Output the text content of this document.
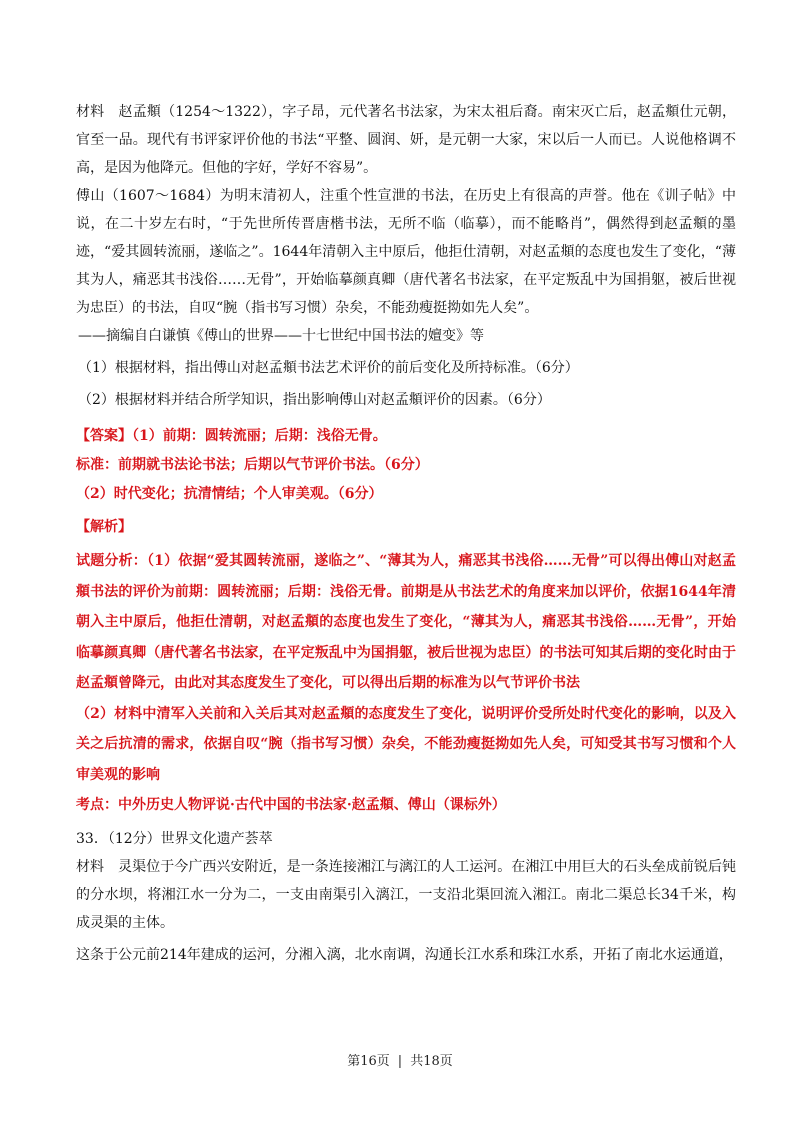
材料　赵孟頫（1254～1322），字子昂，元代著名书法家，为宋太祖后裔。南宋灭亡后，赵孟頫仕元朝，官至一品。现代有书评家评价他的书法“平整、圆润、妍，是元朝一大家，宋以后一人而已。人说他格调不高，是因为他降元。但他的字好，学好不容易”。

傅山（1607～1684）为明末清初人，注重个性宣泄的书法，在历史上有很高的声誉。他在《训子帖》中说，在二十岁左右时，“于先世所传晋唐楷书法，无所不临（临摹），而不能略肖”，偶然得到赵孟頫的墨迹，“爱其圆转流丽，遂临之”。1644年清朝入主中原后，他拒仕清朝，对赵孟頫的态度也发生了变化，“薄其为人，痛恶其书浅俗……无骨”，开始临摹颜真卿（唐代著名书法家，在平定叛乱中为国捐躯，被后世视为忠臣）的书法，自叹“腕（指书写习惯）杂矣，不能劲瘦挺拗如先人矣”。

——摘编自白谦慎《傅山的世界——十七世纪中国书法的嬗变》等

（1）根据材料，指出傅山对赵孟頫书法艺术评价的前后变化及所持标准。（6分）

（2）根据材料并结合所学知识，指出影响傅山对赵孟頫评价的因素。（6分）

【答案】（1）前期：圆转流丽；后期：浅俗无骨。

标准：前期就书法论书法；后期以气节评价书法。（6分）

（2）时代变化；抗清情结；个人审美观。（6分）

【解析】

试题分析：（1）依据“爱其圆转流丽，遂临之”、“薄其为人，痛恶其书浅俗……无骨”可以得出傅山对赵孟頫书法的评价为前期：圆转流丽；后期：浅俗无骨。前期是从书法艺术的角度来加以评价，依据1644年清朝入主中原后，他拒仕清朝，对赵孟頫的态度也发生了变化，“薄其为人，痛恶其书浅俗……无骨”，开始临摹颜真卿（唐代著名书法家，在平定叛乱中为国捐躯，被后世视为忠臣）的书法可知其后期的变化时由于赵孟頫曾降元，由此对其态度发生了变化，可以得出后期的标准为以气节评价书法

（2）材料中清军入关前和入关后其对赵孟頫的态度发生了变化，说明评价受所处时代变化的影响，以及入关之后抗清的需求，依据自叹“腕（指书写习惯）杂矣，不能劲瘦挺拗如先人矣，可知受其书写习惯和个人审美观的影响

考点：中外历史人物评说·古代中国的书法家·赵孟頫、傅山（课标外）

33．（12分）世界文化遗产荟萃

材料　灵渠位于今广西兴安附近，是一条连接湘江与漓江的人工运河。在湘江中用巨大的石头垒成前锐后钝的分水坝，将湘江水一分为二，一支由南渠引入漓江，一支沿北渠回流入湘江。南北二渠总长34千米，构成灵渠的主体。

这条于公元前214年建成的运河，分湘入漓，北水南调，沟通长江水系和珠江水系，开拓了南北水运通道，

第16页 | 共18页
